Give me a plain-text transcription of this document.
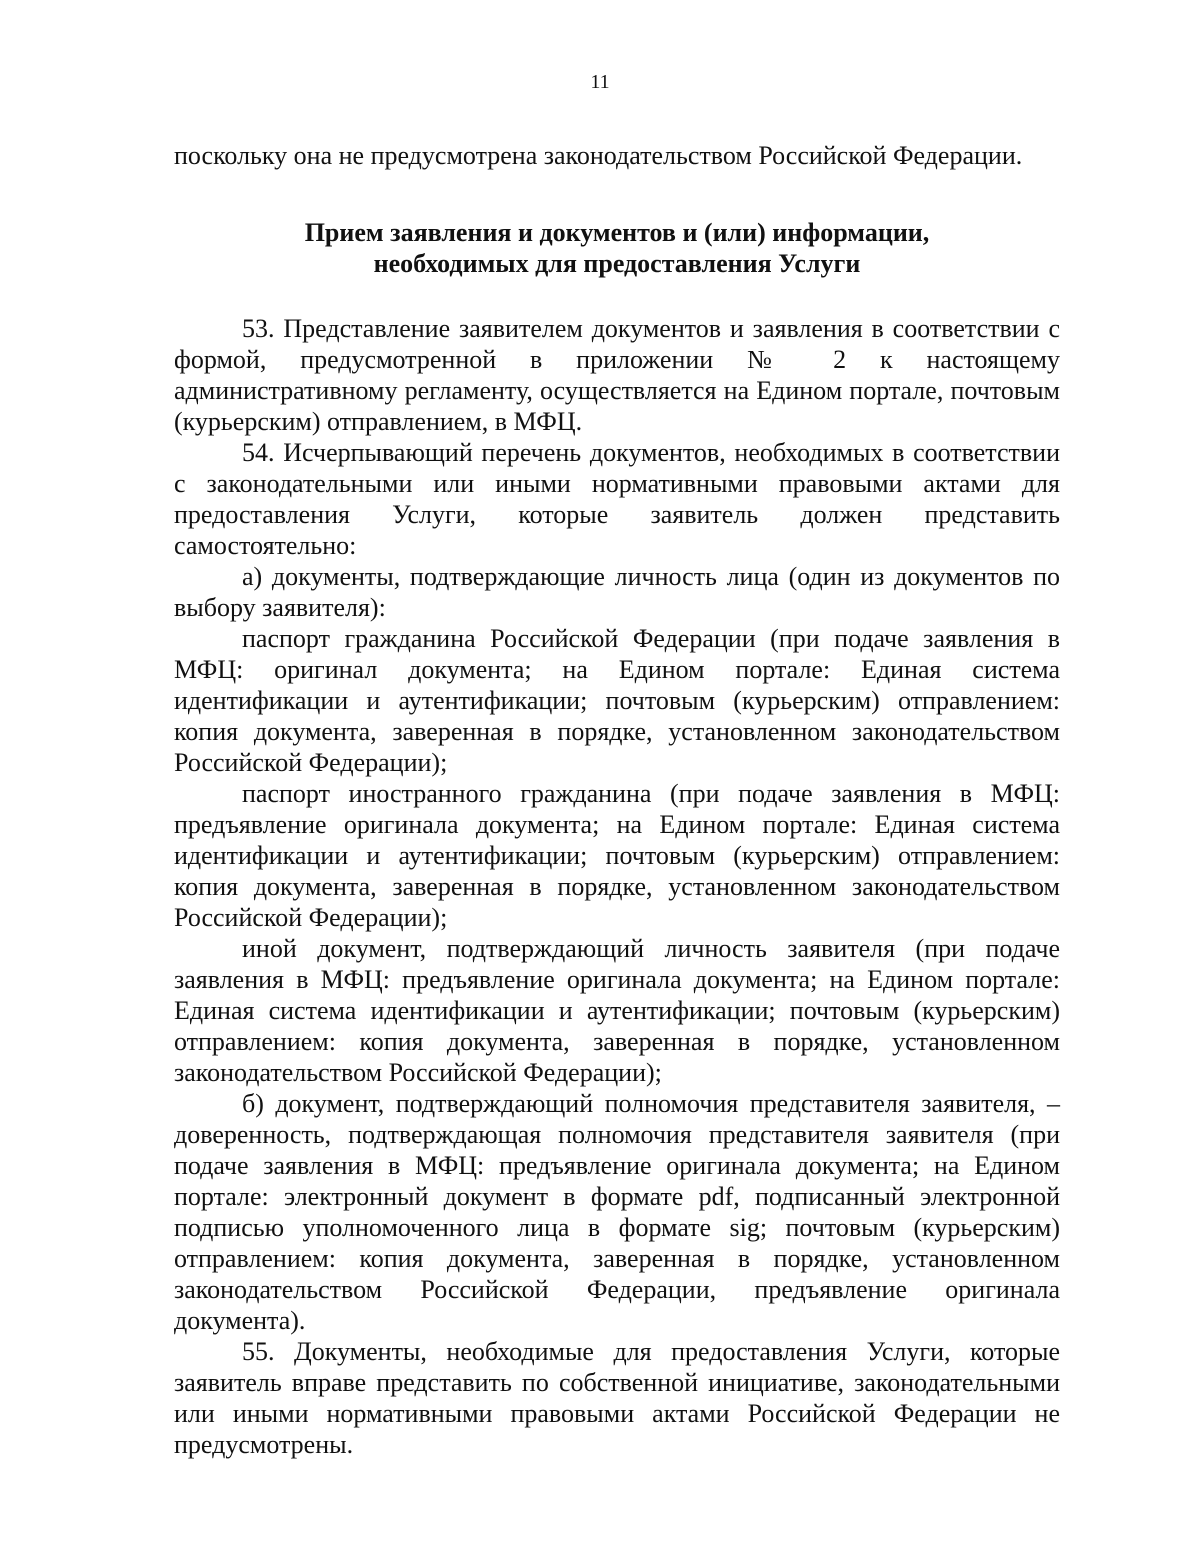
11

поскольку она не предусмотрена законодательством Российской Федерации.

Прием заявления и документов и (или) информации,
необходимых для предоставления Услуги

53. Представление заявителем документов и заявления в соответствии с формой, предусмотренной в приложении № 2 к настоящему административному регламенту, осуществляется на Едином портале, почтовым (курьерским) отправлением, в МФЦ.

54. Исчерпывающий перечень документов, необходимых в соответствии с законодательными или иными нормативными правовыми актами для предоставления Услуги, которые заявитель должен представить самостоятельно:

а) документы, подтверждающие личность лица (один из документов по выбору заявителя):

паспорт гражданина Российской Федерации (при подаче заявления в МФЦ: оригинал документа; на Едином портале: Единая система идентификации и аутентификации; почтовым (курьерским) отправлением: копия документа, заверенная в порядке, установленном законодательством Российской Федерации);

паспорт иностранного гражданина (при подаче заявления в МФЦ: предъявление оригинала документа; на Едином портале: Единая система идентификации и аутентификации; почтовым (курьерским) отправлением: копия документа, заверенная в порядке, установленном законодательством Российской Федерации);

иной документ, подтверждающий личность заявителя (при подаче заявления в МФЦ: предъявление оригинала документа; на Едином портале: Единая система идентификации и аутентификации; почтовым (курьерским) отправлением: копия документа, заверенная в порядке, установленном законодательством Российской Федерации);

б) документ, подтверждающий полномочия представителя заявителя, – доверенность, подтверждающая полномочия представителя заявителя (при подаче заявления в МФЦ: предъявление оригинала документа; на Едином портале: электронный документ в формате pdf, подписанный электронной подписью уполномоченного лица в формате sig; почтовым (курьерским) отправлением: копия документа, заверенная в порядке, установленном законодательством Российской Федерации, предъявление оригинала документа).

55. Документы, необходимые для предоставления Услуги, которые заявитель вправе представить по собственной инициативе, законодательными или иными нормативными правовыми актами Российской Федерации не предусмотрены.
